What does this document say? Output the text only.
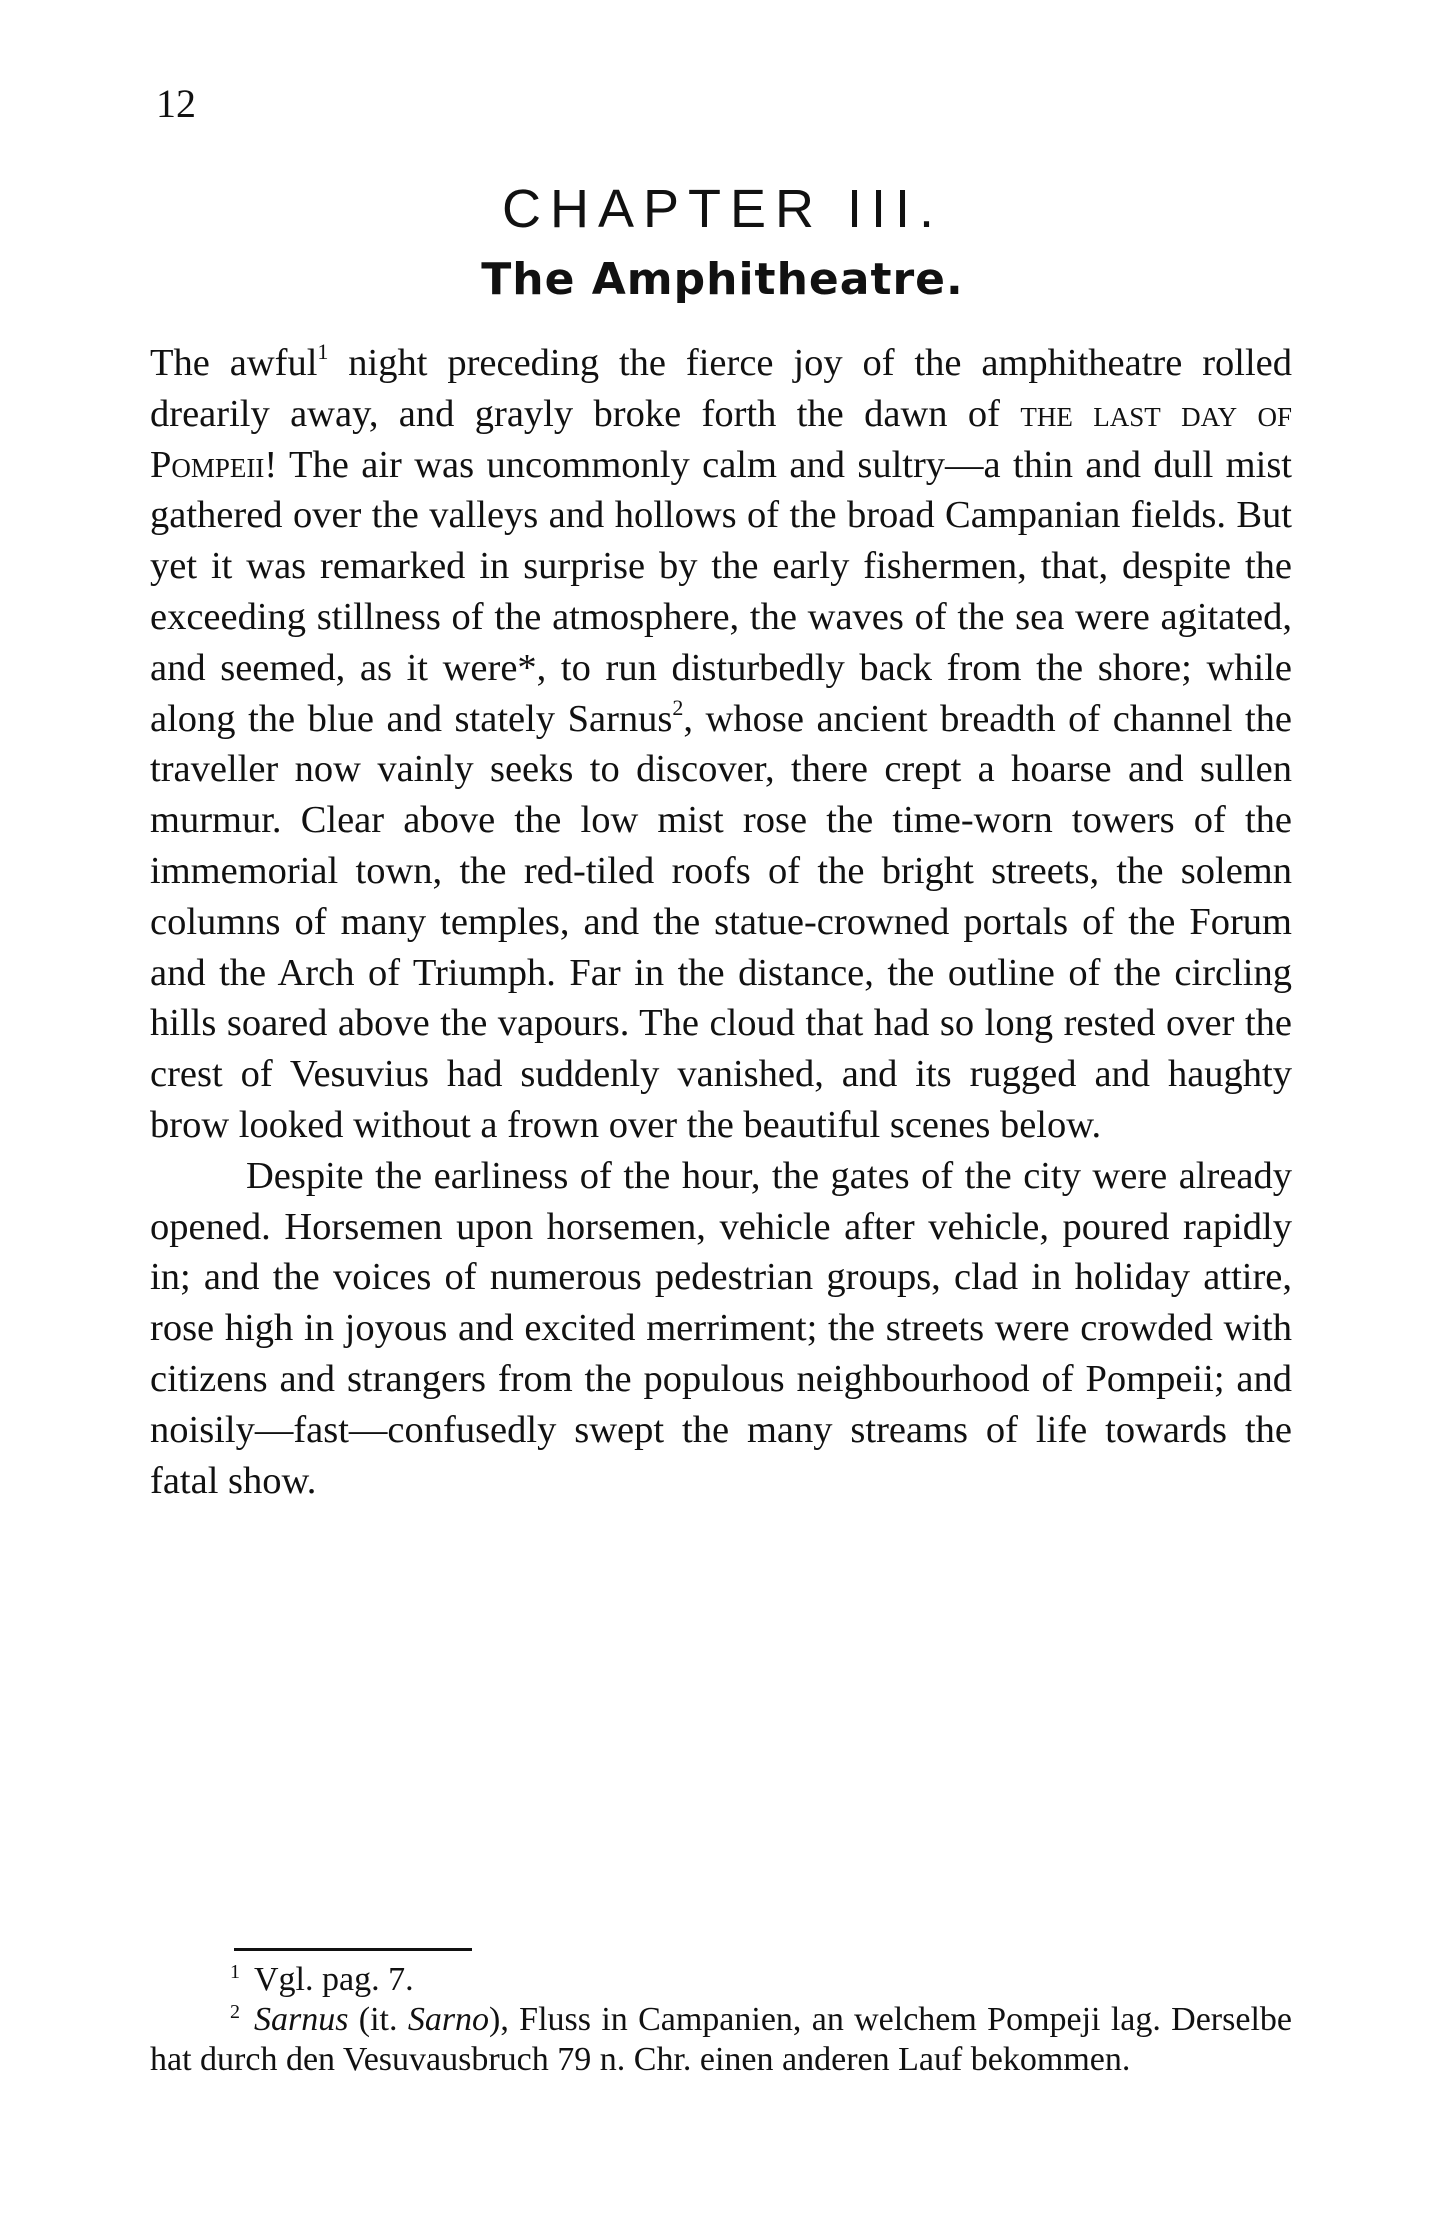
12
CHAPTER III.
The Amphitheatre.

The awful$^1$ night preceding the fierce joy of the amphitheatre rolled drearily away, and grayly broke forth the dawn of the last day of Pompeii! The air was uncommonly calm and sultry—a thin and dull mist gathered over the valleys and hollows of the broad Campanian fields. But yet it was remarked in surprise by the early fishermen, that, despite the exceeding stillness of the atmosphere, the waves of the sea were agitated, and seemed, as it were*, to run disturbedly back from the shore; while along the blue and stately Sarnus$^2$, whose ancient breadth of channel the traveller now vainly seeks to discover, there crept a hoarse and sullen murmur. Clear above the low mist rose the time-worn towers of the immemorial town, the red-tiled roofs of the bright streets, the solemn columns of many temples, and the statue-crowned portals of the Forum and the Arch of Triumph. Far in the distance, the outline of the circling hills soared above the vapours. The cloud that had so long rested over the crest of Vesuvius had suddenly vanished, and its rugged and haughty brow looked without a frown over the beautiful scenes below.

Despite the earliness of the hour, the gates of the city were already opened. Horsemen upon horsemen, vehicle after vehicle, poured rapidly in; and the voices of numerous pedestrian groups, clad in holiday attire, rose high in joyous and excited merriment; the streets were crowded with citizens and strangers from the populous neighbourhood of Pompeii; and noisily—fast—confusedly swept the many streams of life towards the fatal show.

$^1$ Vgl. pag. 7.

$^2$ Sarnus (it. Sarno), Fluss in Campanien, an welchem Pompeji lag. Derselbe hat durch den Vesuvausbruch 79 n. Chr. einen anderen Lauf bekommen.
